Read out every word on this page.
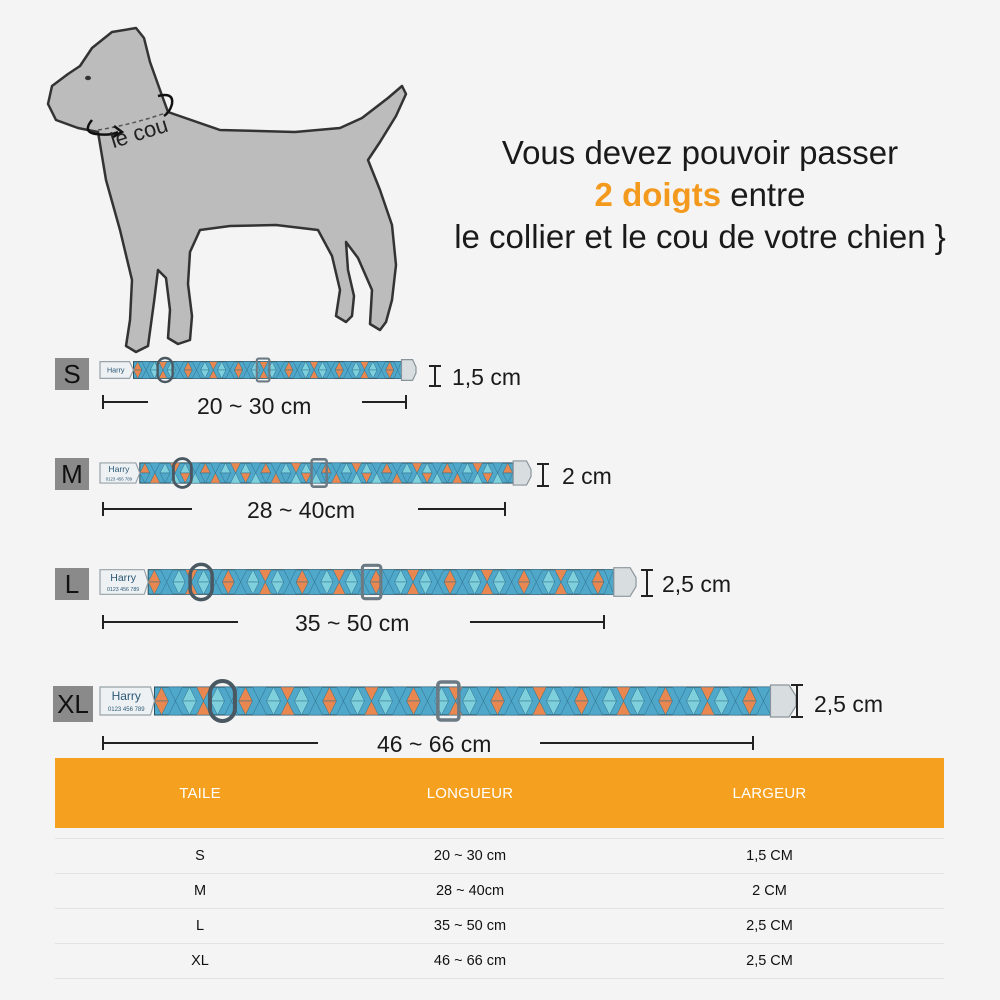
le cou	Vous devez pouvoir passer
2 doigts entre
le collier et le cou de votre chien }
S	Harry	1,5 cm
20 ~ 30 cm
M	Harry
0123 456 789	2 cm
28 ~ 40cm
L	Harry
0123 456 789	2,5 cm
35 ~ 50 cm
XL	Harry
0123 456 789	2,5 cm
46 ~ 66 cm
TAILE	LONGUEUR	LARGEUR

S	20 ~ 30 cm	1,5 CM
M	28 ~ 40cm	2 CM
L	35 ~ 50 cm	2,5 CM
XL	46 ~ 66 cm	2,5 CM
